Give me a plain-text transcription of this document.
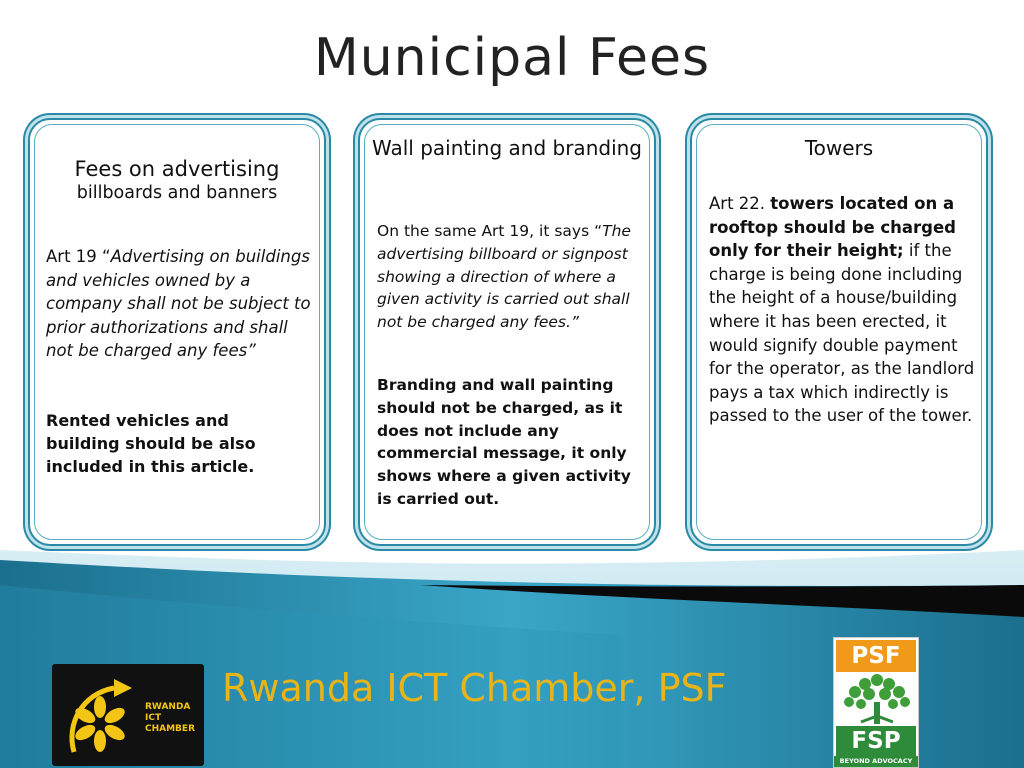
Municipal Fees
Fees on advertising
billboards and banners

Art 19 “Advertising on buildings and vehicles owned by a company shall not be subject to prior authorizations and shall not be charged any fees”

Rented vehicles and building should be also included in this article.

Wall painting and branding

On the same Art 19, it says “The advertising billboard or signpost showing a direction of where a given activity is carried out shall not be charged any fees.”

Branding and wall painting should not be charged, as it does not include any commercial message, it only shows where a given activity is carried out.

Towers

Art 22. towers located on a rooftop should be charged only for their height; if the charge is being done including the height of a house/building where it has been erected, it would signify double payment for the operator, as the landlord pays a tax which indirectly is passed to the user of the tower.

Rwanda ICT Chamber, PSF
RWANDA
ICT
CHAMBER
PSF
FSP
BEYOND ADVOCACY
